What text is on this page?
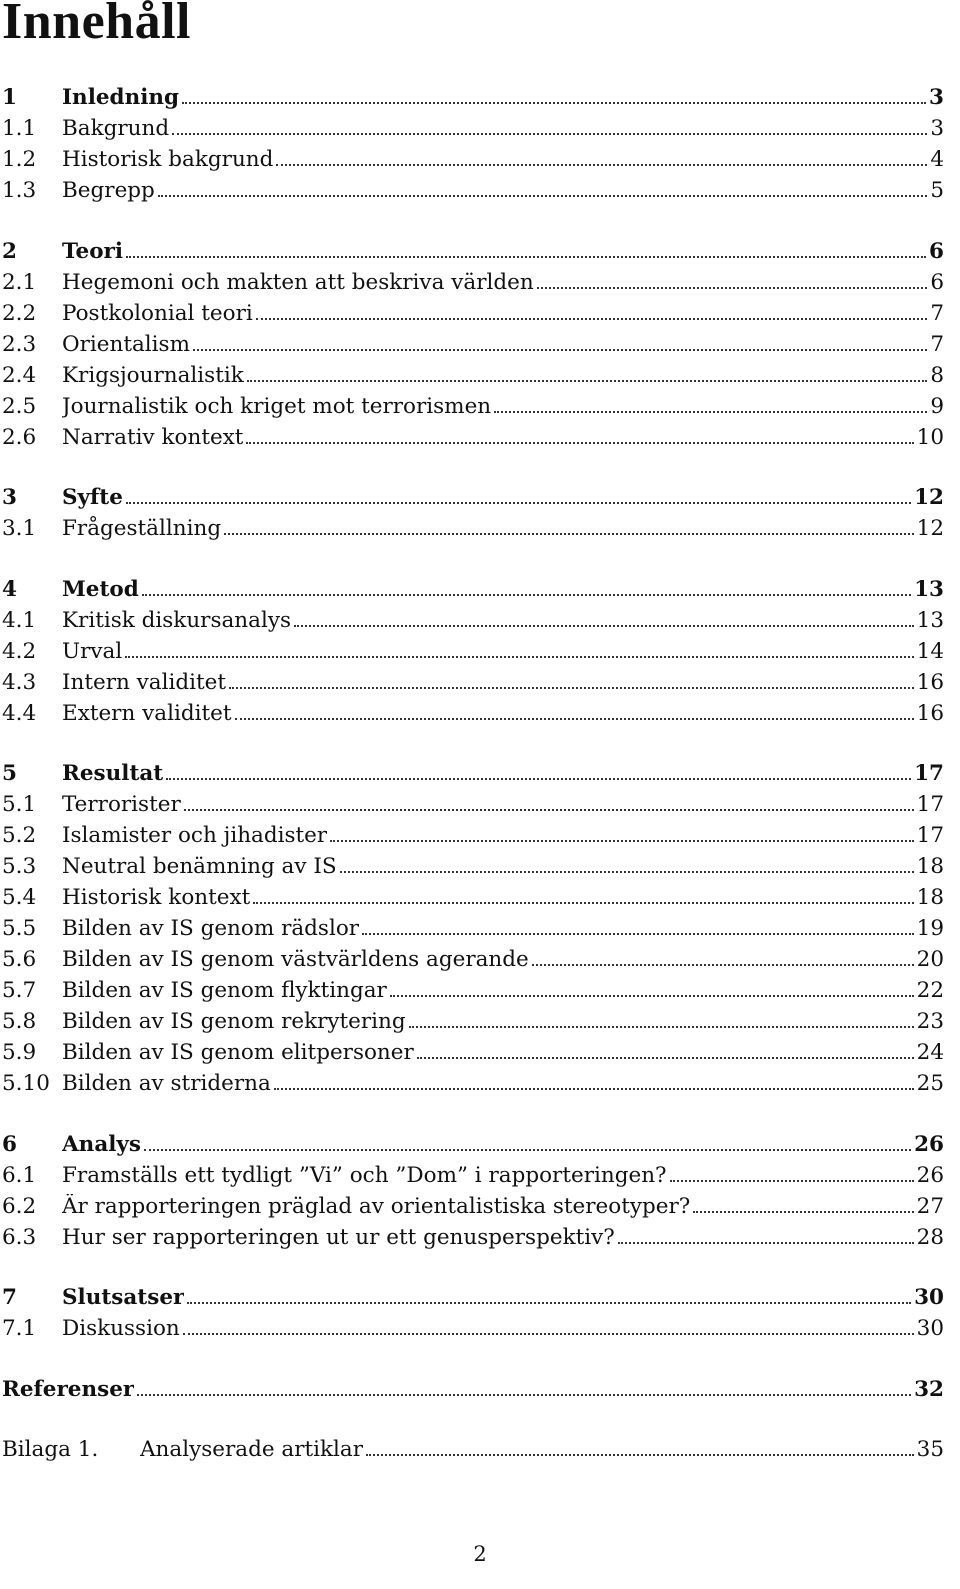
Innehåll
1	Inledning	3
1.1	Bakgrund	3
1.2	Historisk bakgrund	4
1.3	Begrepp	5
2	Teori	6
2.1	Hegemoni och makten att beskriva världen	6
2.2	Postkolonial teori	7
2.3	Orientalism	7
2.4	Krigsjournalistik	8
2.5	Journalistik och kriget mot terrorismen	9
2.6	Narrativ kontext	10
3	Syfte	12
3.1	Frågeställning	12
4	Metod	13
4.1	Kritisk diskursanalys	13
4.2	Urval	14
4.3	Intern validitet	16
4.4	Extern validitet	16
5	Resultat	17
5.1	Terrorister	17
5.2	Islamister och jihadister	17
5.3	Neutral benämning av IS	18
5.4	Historisk kontext	18
5.5	Bilden av IS genom rädslor	19
5.6	Bilden av IS genom västvärldens agerande	20
5.7	Bilden av IS genom flyktingar	22
5.8	Bilden av IS genom rekrytering	23
5.9	Bilden av IS genom elitpersoner	24
5.10 Bilden av striderna	25
6	Analys	26
6.1	Framställs ett tydligt ”Vi” och ”Dom” i rapporteringen?	26
6.2	Är rapporteringen präglad av orientalistiska stereotyper?	27
6.3	Hur ser rapporteringen ut ur ett genusperspektiv?	28
7	Slutsatser	30
7.1	Diskussion	30
Referenser	32
Bilaga 1.	Analyserade artiklar	35
2
